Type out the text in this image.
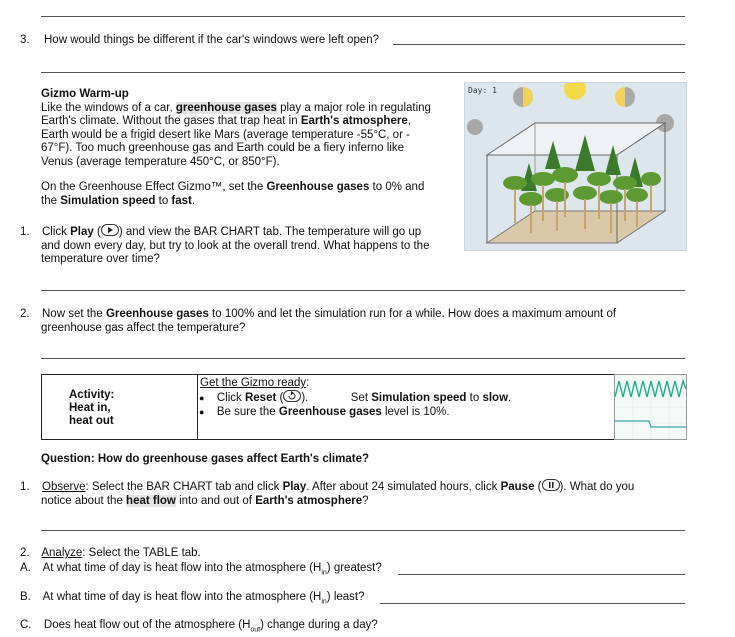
3. How would things be different if the car's windows were left open?
Gizmo Warm-up
Like the windows of a car, greenhouse gases play a major role in regulating
Earth's climate. Without the gases that trap heat in Earth's atmosphere,
Earth would be a frigid desert like Mars (average temperature -55°C, or -
67°F). Too much greenhouse gas and Earth could be a fiery inferno like
Venus (average temperature 450°C, or 850°F).
On the Greenhouse Effect Gizmo™, set the Greenhouse gases to 0% and
the Simulation speed to fast.
Day: 1
1. Click Play ( ) and view the BAR CHART tab. The temperature will go up
and down every day, but try to look at the overall trend. What happens to the
temperature over time?
2. Now set the Greenhouse gases to 100% and let the simulation run for a while. How does a maximum amount of
greenhouse gas affect the temperature?
Activity:
Heat in,
heat out
Get the Gizmo ready:
● Click Reset ( ).	Set Simulation speed to slow.
● Be sure the Greenhouse gases level is 10%.
Question: How do greenhouse gases affect Earth's climate?
1. Observe: Select the BAR CHART tab and click Play. After about 24 simulated hours, click Pause ( ). What do you
notice about the heat flow into and out of Earth's atmosphere?
2. Analyze: Select the TABLE tab.
A. At what time of day is heat flow into the atmosphere $(H_{in})$ greatest?
B. At what time of day is heat flow into the atmosphere $(H_{in})$ least?
C. Does heat flow out of the atmosphere $(H_{out})$ change during a day?
